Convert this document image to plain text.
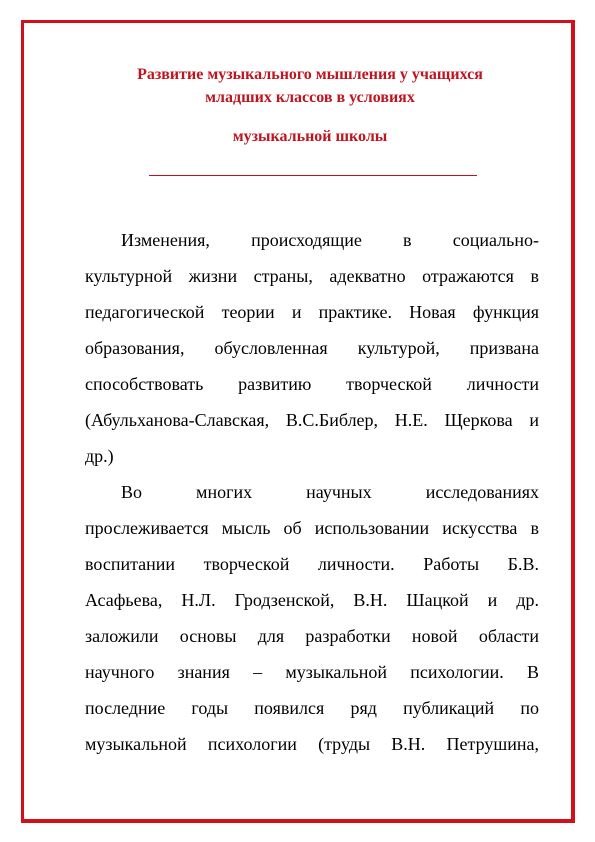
Развитие музыкального мышления у учащихся
младших классов в условиях
музыкальной школы
Изменения, происходящие в социально-
культурной жизни страны, адекватно отражаются в
педагогической теории и практике. Новая функция
образования, обусловленная культурой, призвана
способствовать развитию творческой личности
(Абульханова-Славская, В.С.Библер, Н.Е. Щеркова и
др.)
Во многих научных исследованиях
прослеживается мысль об использовании искусства в
воспитании творческой личности. Работы Б.В.
Асафьева, Н.Л. Гродзенской, В.Н. Шацкой и др.
заложили основы для разработки новой области
научного знания – музыкальной психологии. В
последние годы появился ряд публикаций по
музыкальной психологии (труды В.Н. Петрушина,
